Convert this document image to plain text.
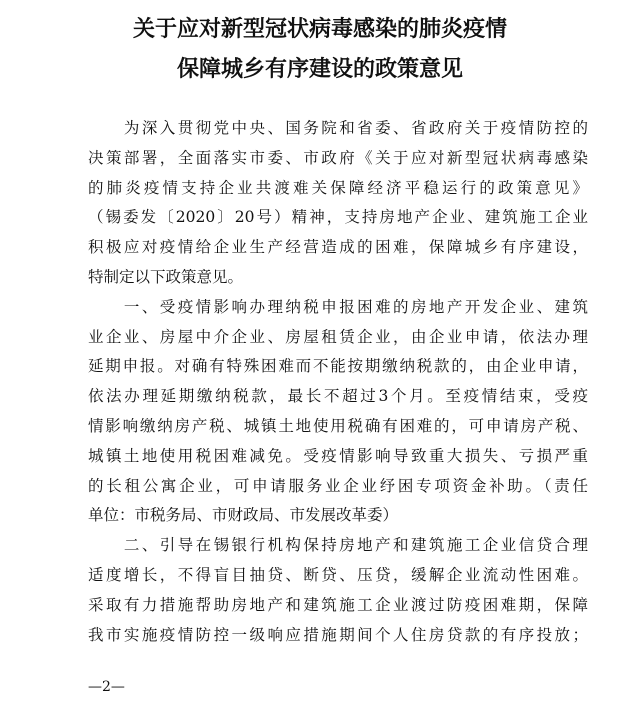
关于应对新型冠状病毒感染的肺炎疫情
保障城乡有序建设的政策意见
　　为深入贯彻党中央、国务院和省委、省政府关于疫情防控的
决策部署，全面落实市委、市政府《关于应对新型冠状病毒感染
的肺炎疫情支持企业共渡难关保障经济平稳运行的政策意见》
（锡委发〔2020〕20号）精神，支持房地产企业、建筑施工企业
积极应对疫情给企业生产经营造成的困难，保障城乡有序建设，
特制定以下政策意见。
　　一、受疫情影响办理纳税申报困难的房地产开发企业、建筑
业企业、房屋中介企业、房屋租赁企业，由企业申请，依法办理
延期申报。对确有特殊困难而不能按期缴纳税款的，由企业申请，
依法办理延期缴纳税款，最长不超过3个月。至疫情结束，受疫
情影响缴纳房产税、城镇土地使用税确有困难的，可申请房产税、
城镇土地使用税困难减免。受疫情影响导致重大损失、亏损严重
的长租公寓企业，可申请服务业企业纾困专项资金补助。（责任
单位：市税务局、市财政局、市发展改革委）
　　二、引导在锡银行机构保持房地产和建筑施工企业信贷合理
适度增长，不得盲目抽贷、断贷、压贷，缓解企业流动性困难。
采取有力措施帮助房地产和建筑施工企业渡过防疫困难期，保障
我市实施疫情防控一级响应措施期间个人住房贷款的有序投放；
—2—
